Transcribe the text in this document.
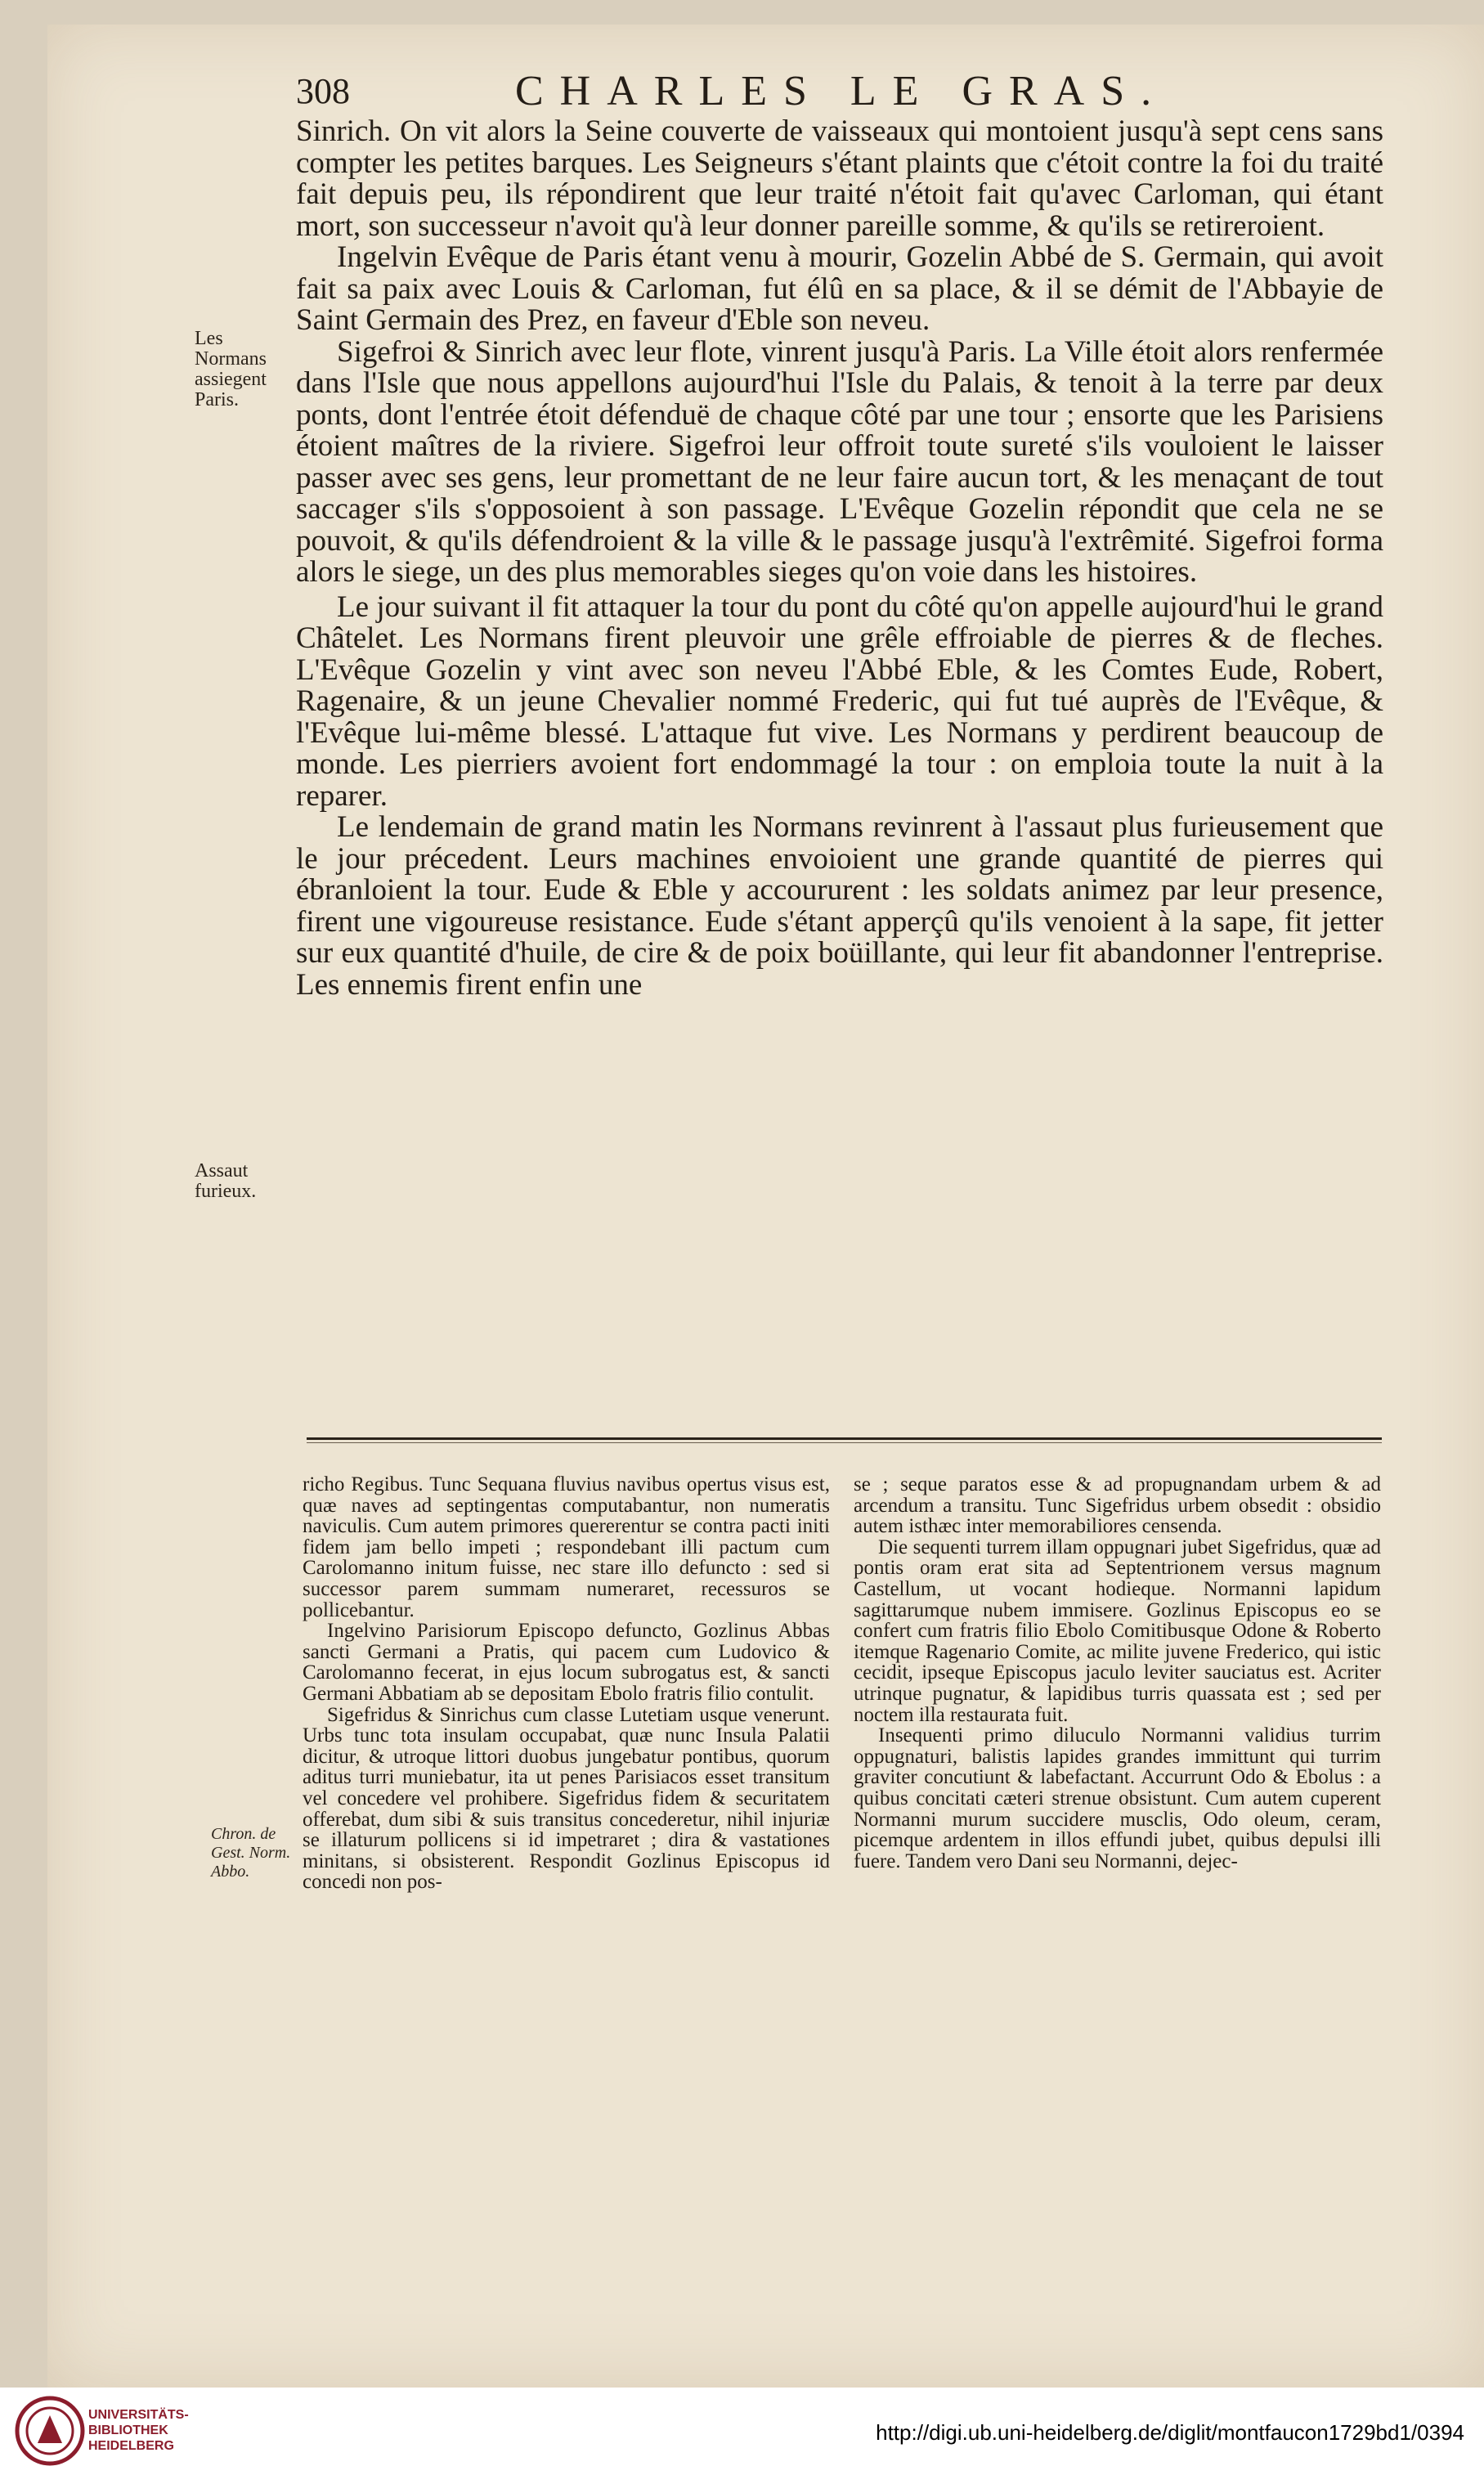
308	CHARLES LE GRAS.
Les Normans assiegent Paris.
Assaut furieux.

Sinrich. On vit alors la Seine couverte de vaisseaux qui montoient jusqu'à sept cens sans compter les petites barques. Les Seigneurs s'étant plaints que c'étoit contre la foi du traité fait depuis peu, ils répondirent que leur traité n'étoit fait qu'avec Carloman, qui étant mort, son successeur n'avoit qu'à leur donner pareille somme, & qu'ils se retireroient.

Ingelvin Evêque de Paris étant venu à mourir, Gozelin Abbé de S. Germain, qui avoit fait sa paix avec Louis & Carloman, fut élû en sa place, & il se démit de l'Abbayie de Saint Germain des Prez, en faveur d'Eble son neveu.

Sigefroi & Sinrich avec leur flote, vinrent jusqu'à Paris. La Ville étoit alors renfermée dans l'Isle que nous appellons aujourd'hui l'Isle du Palais, & tenoit à la terre par deux ponts, dont l'entrée étoit défenduë de chaque côté par une tour ; ensorte que les Parisiens étoient maîtres de la riviere. Sigefroi leur offroit toute sureté s'ils vouloient le laisser passer avec ses gens, leur promettant de ne leur faire aucun tort, & les menaçant de tout saccager s'ils s'opposoient à son passage. L'Evêque Gozelin répondit que cela ne se pouvoit, & qu'ils défendroient & la ville & le passage jusqu'à l'extrêmité. Sigefroi forma alors le siege, un des plus memorables sieges qu'on voie dans les histoires.

Le jour suivant il fit attaquer la tour du pont du côté qu'on appelle aujourd'hui le grand Châtelet. Les Normans firent pleuvoir une grêle effroiable de pierres & de fleches. L'Evêque Gozelin y vint avec son neveu l'Abbé Eble, & les Comtes Eude, Robert, Ragenaire, & un jeune Chevalier nommé Frederic, qui fut tué auprès de l'Evêque, & l'Evêque lui-même blessé. L'attaque fut vive. Les Normans y perdirent beaucoup de monde. Les pierriers avoient fort endommagé la tour : on emploia toute la nuit à la reparer.

Le lendemain de grand matin les Normans revinrent à l'assaut plus furieusement que le jour précedent. Leurs machines envoioient une grande quantité de pierres qui ébranloient la tour. Eude & Eble y accoururent : les soldats animez par leur presence, firent une vigoureuse resistance. Eude s'étant apperçû qu'ils venoient à la sape, fit jetter sur eux quantité d'huile, de cire & de poix boüillante, qui leur fit abandonner l'entreprise. Les ennemis firent enfin une

Chron. de Gest. Norm. Abbo.

richo Regibus. Tunc Sequana fluvius navibus opertus visus est, quæ naves ad septingentas computabantur, non numeratis naviculis. Cum autem primores quererentur se contra pacti initi fidem jam bello impeti ; respondebant illi pactum cum Carolomanno initum fuisse, nec stare illo defuncto : sed si successor parem summam numeraret, recessuros se pollicebantur.

Ingelvino Parisiorum Episcopo defuncto, Gozlinus Abbas sancti Germani a Pratis, qui pacem cum Ludovico & Carolomanno fecerat, in ejus locum subrogatus est, & sancti Germani Abbatiam ab se depositam Ebolo fratris filio contulit.

Sigefridus & Sinrichus cum classe Lutetiam usque venerunt. Urbs tunc tota insulam occupabat, quæ nunc Insula Palatii dicitur, & utroque littori duobus jungebatur pontibus, quorum aditus turri muniebatur, ita ut penes Parisiacos esset transitum vel concedere vel prohibere. Sigefridus fidem & securitatem offerebat, dum sibi & suis transitus concederetur, nihil injuriæ se illaturum pollicens si id impetraret ; dira & vastationes minitans, si obsisterent. Respondit Gozlinus Episcopus id concedi non pos-

se ; seque paratos esse & ad propugnandam urbem & ad arcendum a transitu. Tunc Sigefridus urbem obsedit : obsidio autem isthæc inter memorabiliores censenda.

Die sequenti turrem illam oppugnari jubet Sigefridus, quæ ad pontis oram erat sita ad Septentrionem versus magnum Castellum, ut vocant hodieque. Normanni lapidum sagittarumque nubem immisere. Gozlinus Episcopus eo se confert cum fratris filio Ebolo Comitibusque Odone & Roberto itemque Ragenario Comite, ac milite juvene Frederico, qui istic cecidit, ipseque Episcopus jaculo leviter sauciatus est. Acriter utrinque pugnatur, & lapidibus turris quassata est ; sed per noctem illa restaurata fuit.

Insequenti primo diluculo Normanni validius turrim oppugnaturi, balistis lapides grandes immittunt qui turrim graviter concutiunt & labefactant. Accurrunt Odo & Ebolus : a quibus concitati cæteri strenue obsistunt. Cum autem cuperent Normanni murum succidere musclis, Odo oleum, ceram, picemque ardentem in illos effundi jubet, quibus depulsi illi fuere. Tandem vero Dani seu Normanni, dejec-

UNIVERSITÄTS-
BIBLIOTHEK
HEIDELBERG
http://digi.ub.uni-heidelberg.de/diglit/montfaucon1729bd1/0394
